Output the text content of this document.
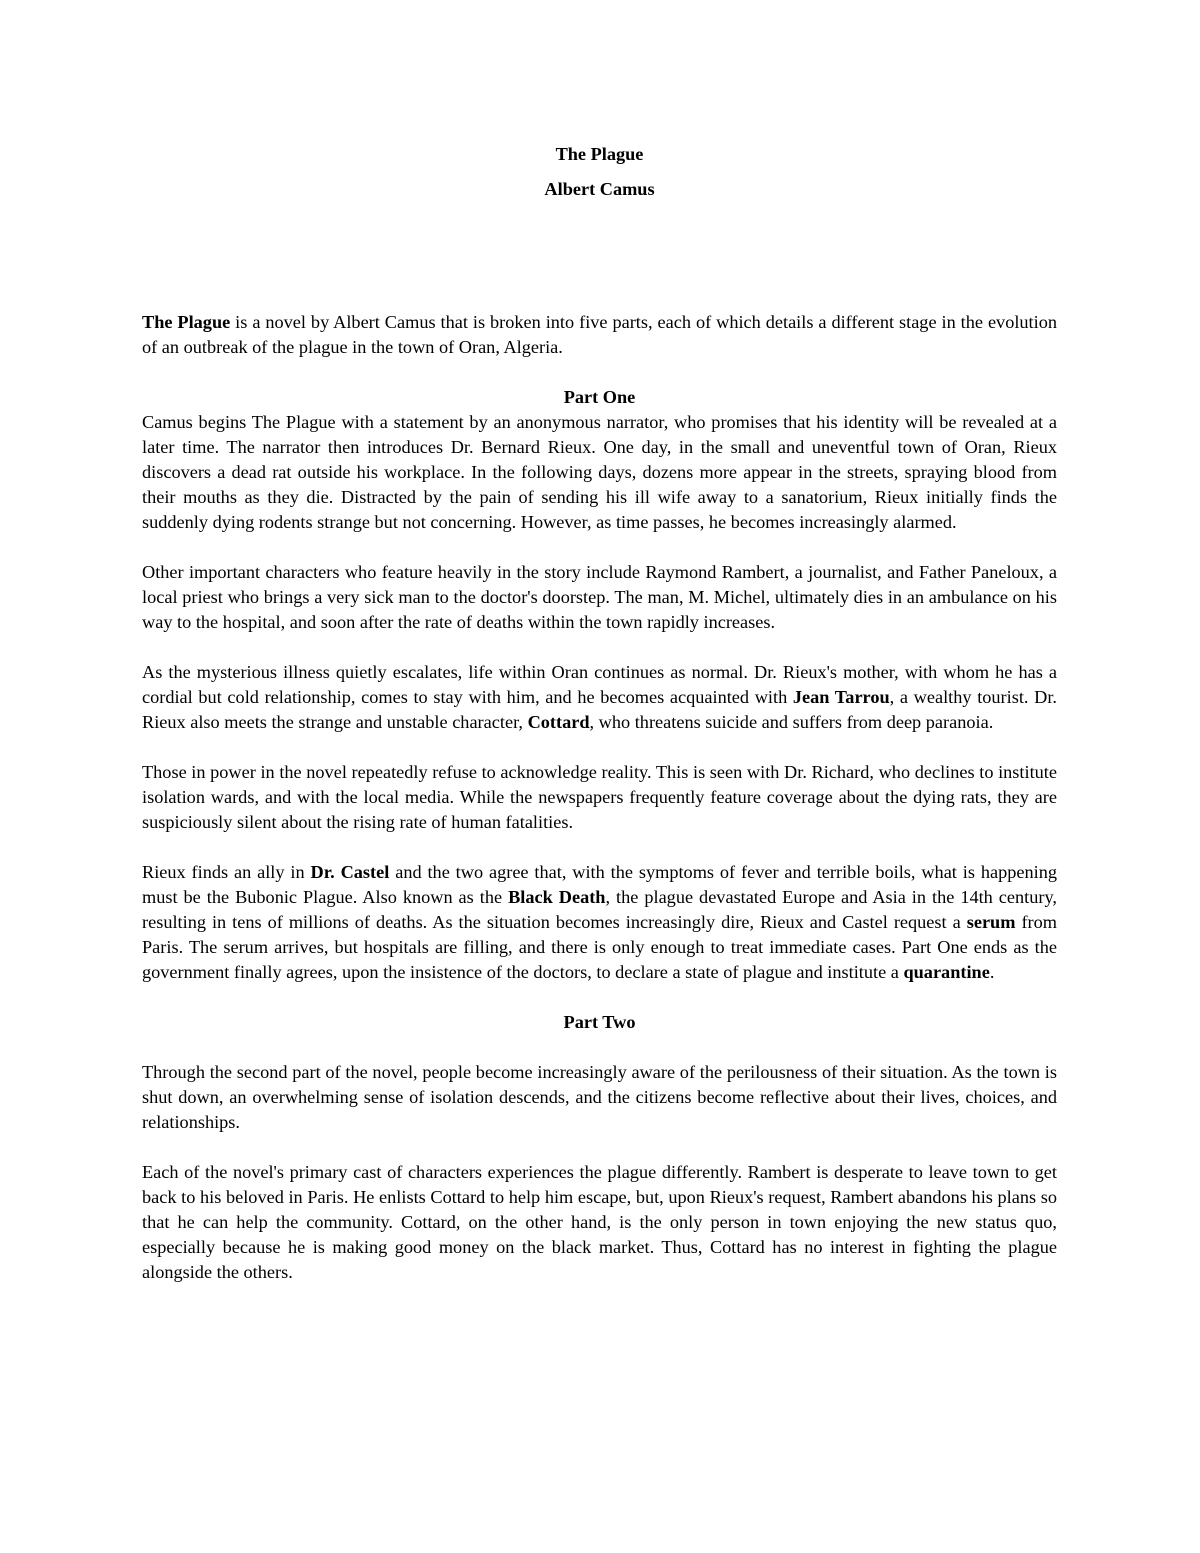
The Plague
Albert Camus

The Plague is a novel by Albert Camus that is broken into five parts, each of which details a different stage in the evolution of an outbreak of the plague in the town of Oran, Algeria.

Part One

Camus begins The Plague with a statement by an anonymous narrator, who promises that his identity will be revealed at a later time. The narrator then introduces Dr. Bernard Rieux. One day, in the small and uneventful town of Oran, Rieux discovers a dead rat outside his workplace. In the following days, dozens more appear in the streets, spraying blood from their mouths as they die. Distracted by the pain of sending his ill wife away to a sanatorium, Rieux initially finds the suddenly dying rodents strange but not concerning. However, as time passes, he becomes increasingly alarmed.

Other important characters who feature heavily in the story include Raymond Rambert, a journalist, and Father Paneloux, a local priest who brings a very sick man to the doctor's doorstep. The man, M. Michel, ultimately dies in an ambulance on his way to the hospital, and soon after the rate of deaths within the town rapidly increases.

As the mysterious illness quietly escalates, life within Oran continues as normal. Dr. Rieux's mother, with whom he has a cordial but cold relationship, comes to stay with him, and he becomes acquainted with Jean Tarrou, a wealthy tourist. Dr. Rieux also meets the strange and unstable character, Cottard, who threatens suicide and suffers from deep paranoia.

Those in power in the novel repeatedly refuse to acknowledge reality. This is seen with Dr. Richard, who declines to institute isolation wards, and with the local media. While the newspapers frequently feature coverage about the dying rats, they are suspiciously silent about the rising rate of human fatalities.

Rieux finds an ally in Dr. Castel and the two agree that, with the symptoms of fever and terrible boils, what is happening must be the Bubonic Plague. Also known as the Black Death, the plague devastated Europe and Asia in the 14th century, resulting in tens of millions of deaths. As the situation becomes increasingly dire, Rieux and Castel request a serum from Paris. The serum arrives, but hospitals are filling, and there is only enough to treat immediate cases. Part One ends as the government finally agrees, upon the insistence of the doctors, to declare a state of plague and institute a quarantine.

Part Two

Through the second part of the novel, people become increasingly aware of the perilousness of their situation. As the town is shut down, an overwhelming sense of isolation descends, and the citizens become reflective about their lives, choices, and relationships.

Each of the novel's primary cast of characters experiences the plague differently. Rambert is desperate to leave town to get back to his beloved in Paris. He enlists Cottard to help him escape, but, upon Rieux's request, Rambert abandons his plans so that he can help the community. Cottard, on the other hand, is the only person in town enjoying the new status quo, especially because he is making good money on the black market. Thus, Cottard has no interest in fighting the plague alongside the others.
